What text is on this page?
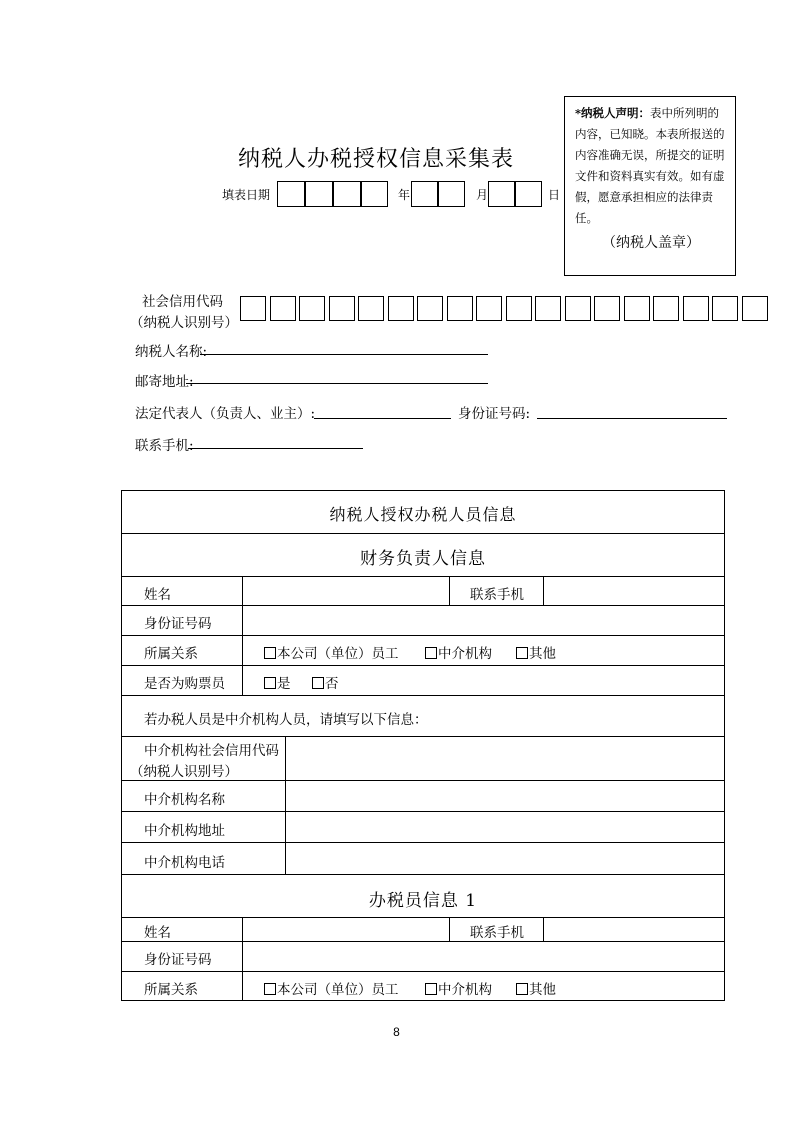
纳税人办税授权信息采集表
填表日期	年	月	日
*纳税人声明：表中所列明的内容，已知晓。本表所报送的内容准确无误，所提交的证明文件和资料真实有效。如有虚假，愿意承担相应的法律责任。
（纳税人盖章）
社会信用代码
（纳税人识别号）
纳税人名称:
邮寄地址:
法定代表人（负责人、业主）:	身份证号码:
联系手机:
纳税人授权办税人员信息
财务负责人信息
姓名	联系手机
身份证号码
所属关系	本公司（单位）员工	中介机构	其他
是否为购票员	是	否
若办税人员是中介机构人员，请填写以下信息：
中介机构社会信用代码
（纳税人识别号）
中介机构名称
中介机构地址
中介机构电话
办税员信息 1
姓名	联系手机
身份证号码
所属关系	本公司（单位）员工	中介机构	其他
8
